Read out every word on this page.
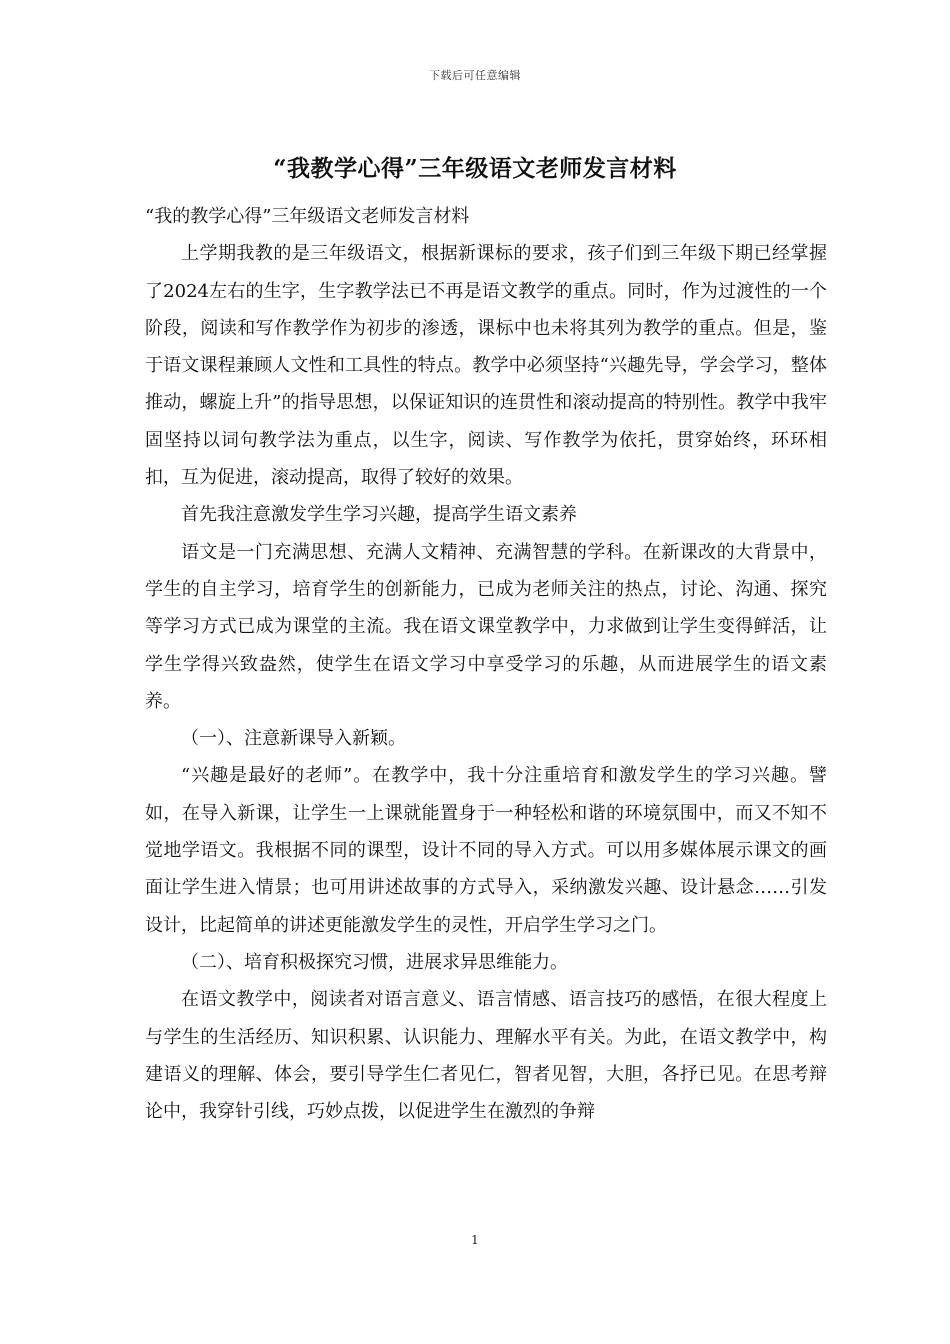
下载后可任意编辑
“我教学心得”三年级语文老师发言材料

“我的教学心得”三年级语文老师发言材料

上学期我教的是三年级语文，根据新课标的要求，孩子们到三年级下期已经掌握了2024左右的生字，生字教学法已不再是语文教学的重点。同时，作为过渡性的一个阶段，阅读和写作教学作为初步的渗透，课标中也未将其列为教学的重点。但是，鉴于语文课程兼顾人文性和工具性的特点。教学中必须坚持“兴趣先导，学会学习，整体推动，螺旋上升”的指导思想，以保证知识的连贯性和滚动提高的特别性。教学中我牢固坚持以词句教学法为重点，以生字，阅读、写作教学为依托，贯穿始终，环环相扣，互为促进，滚动提高，取得了较好的效果。

首先我注意激发学生学习兴趣，提高学生语文素养

语文是一门充满思想、充满人文精神、充满智慧的学科。在新课改的大背景中，学生的自主学习，培育学生的创新能力，已成为老师关注的热点，讨论、沟通、探究等学习方式已成为课堂的主流。我在语文课堂教学中，力求做到让学生变得鲜活，让学生学得兴致盎然，使学生在语文学习中享受学习的乐趣，从而进展学生的语文素养。

（一）、注意新课导入新颖。

“兴趣是最好的老师”。在教学中，我十分注重培育和激发学生的学习兴趣。譬如，在导入新课，让学生一上课就能置身于一种轻松和谐的环境氛围中，而又不知不觉地学语文。我根据不同的课型，设计不同的导入方式。可以用多媒体展示课文的画面让学生进入情景；也可用讲述故事的方式导入，采纳激发兴趣、设计悬念……引发设计，比起简单的讲述更能激发学生的灵性，开启学生学习之门。

（二）、培育积极探究习惯，进展求异思维能力。

在语文教学中，阅读者对语言意义、语言情感、语言技巧的感悟，在很大程度上与学生的生活经历、知识积累、认识能力、理解水平有关。为此，在语文教学中，构建语义的理解、体会，要引导学生仁者见仁，智者见智，大胆，各抒已见。在思考辩论中，我穿针引线，巧妙点拨，以促进学生在激烈的争辩

1
